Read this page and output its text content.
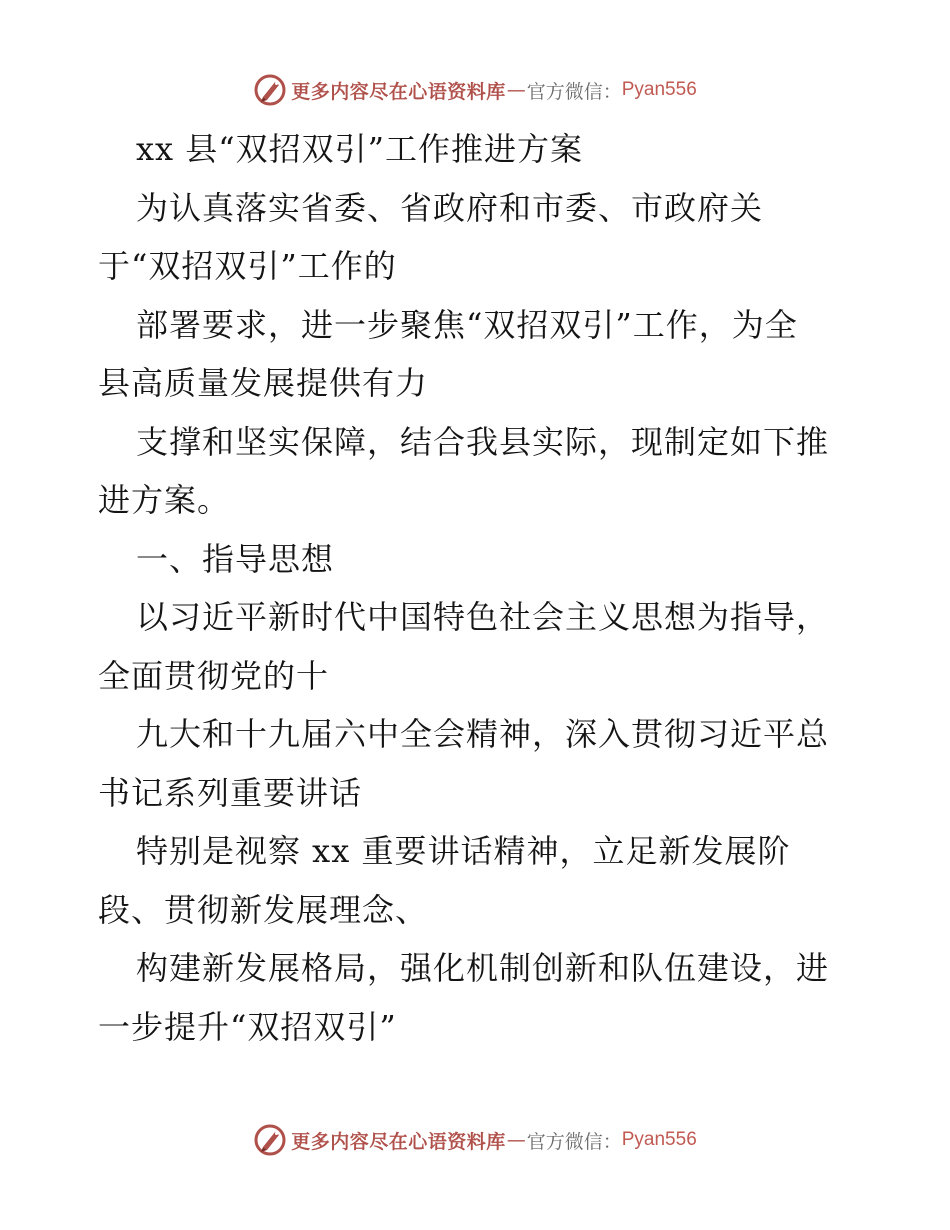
更多内容尽在心语资料库 — 官方微信： Pyan556
xx 县“双招双引”工作推进方案
为认真落实省委、省政府和市委、市政府关
于“双招双引”工作的
部署要求，进一步聚焦“双招双引”工作，为全
县高质量发展提供有力
支撑和坚实保障，结合我县实际，现制定如下推
进方案。
一、指导思想
以习近平新时代中国特色社会主义思想为指导，
全面贯彻党的十
九大和十九届六中全会精神，深入贯彻习近平总
书记系列重要讲话
特别是视察 xx 重要讲话精神，立足新发展阶
段、贯彻新发展理念、
构建新发展格局，强化机制创新和队伍建设，进
一步提升“双招双引”
更多内容尽在心语资料库 — 官方微信： Pyan556
